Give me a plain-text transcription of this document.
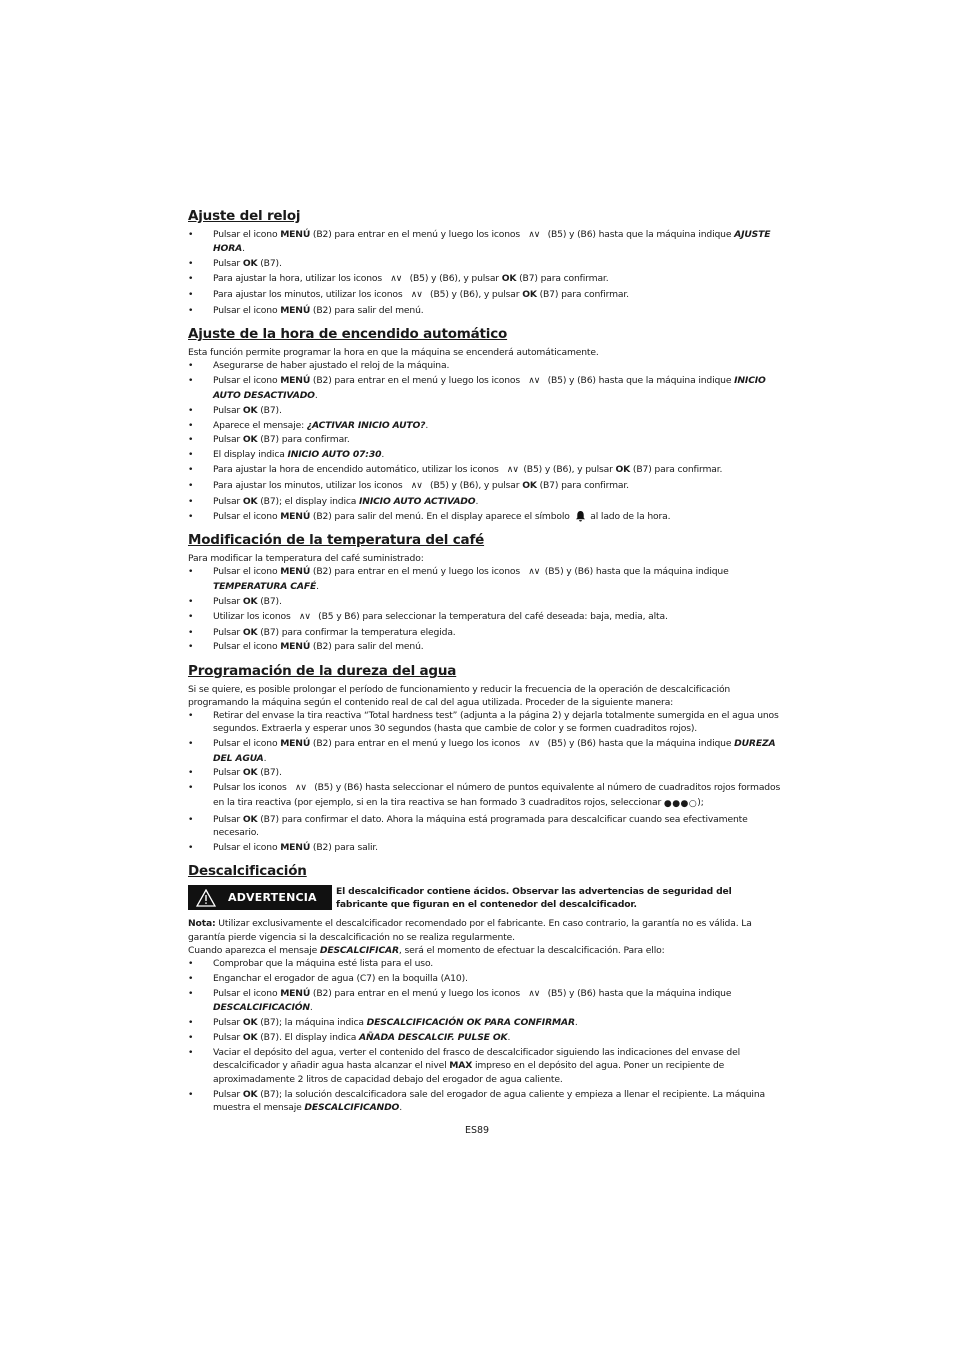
Ajuste del reloj
• Pulsar el icono MENÚ (B2) para entrar en el menú y luego los iconos ∧∨ (B5) y (B6) hasta que la máquina indique AJUSTE HORA.
• Pulsar OK (B7).
• Para ajustar la hora, utilizar los iconos ∧∨ (B5) y (B6), y pulsar OK (B7) para confirmar.
• Para ajustar los minutos, utilizar los iconos ∧∨ (B5) y (B6), y pulsar OK (B7) para confirmar.
• Pulsar el icono MENÚ (B2) para salir del menú.
Ajuste de la hora de encendido automático

Esta función permite programar la hora en que la máquina se encenderá automáticamente.

• Asegurarse de haber ajustado el reloj de la máquina.
• Pulsar el icono MENÚ (B2) para entrar en el menú y luego los iconos ∧∨ (B5) y (B6) hasta que la máquina indique INICIO AUTO DESACTIVADO.
• Pulsar OK (B7).
• Aparece el mensaje: ¿ACTIVAR INICIO AUTO?.
• Pulsar OK (B7) para confirmar.
• El display indica INICIO AUTO 07:30.
• Para ajustar la hora de encendido automático, utilizar los iconos ∧∨ (B5) y (B6), y pulsar OK (B7) para confirmar.
• Para ajustar los minutos, utilizar los iconos ∧∨ (B5) y (B6), y pulsar OK (B7) para confirmar.
• Pulsar OK (B7); el display indica INICIO AUTO ACTIVADO.
• Pulsar el icono MENÚ (B2) para salir del menú. En el display aparece el símbolo  al lado de la hora.
Modificación de la temperatura del café

Para modificar la temperatura del café suministrado:

• Pulsar el icono MENÚ (B2) para entrar en el menú y luego los iconos ∧∨ (B5) y (B6) hasta que la máquina indique TEMPERATURA CAFÉ.
• Pulsar OK (B7).
• Utilizar los iconos ∧∨ (B5 y B6) para seleccionar la temperatura del café deseada: baja, media, alta.
• Pulsar OK (B7) para confirmar la temperatura elegida.
• Pulsar el icono MENÚ (B2) para salir del menú.
Programación de la dureza del agua

Si se quiere, es posible prolongar el período de funcionamiento y reducir la frecuencia de la operación de descalcificación programando la máquina según el contenido real de cal del agua utilizada. Proceder de la siguiente manera:

• Retirar del envase la tira reactiva “Total hardness test” (adjunta a la página 2) y dejarla totalmente sumergida en el agua unos segundos. Extraerla y esperar unos 30 segundos (hasta que cambie de color y se formen cuadraditos rojos).
• Pulsar el icono MENÚ (B2) para entrar en el menú y luego los iconos ∧∨ (B5) y (B6) hasta que la máquina indique DUREZA DEL AGUA.
• Pulsar OK (B7).
• Pulsar los iconos ∧∨ (B5) y (B6) hasta seleccionar el número de puntos equivalente al número de cuadraditos rojos formados en la tira reactiva (por ejemplo, si en la tira reactiva se han formado 3 cuadraditos rojos, seleccionar ●●●○);
• Pulsar OK (B7) para confirmar el dato. Ahora la máquina está programada para descalcificar cuando sea efectivamente necesario.
• Pulsar el icono MENÚ (B2) para salir.
Descalcificación
ADVERTENCIA El descalcificador contiene ácidos. Observar las advertencias de seguridad del fabricante que figuran en el contenedor del descalcificador.

Nota: Utilizar exclusivamente el descalcificador recomendado por el fabricante. En caso contrario, la garantía no es válida. La garantía pierde vigencia si la descalcificación no se realiza regularmente.

Cuando aparezca el mensaje DESCALCIFICAR, será el momento de efectuar la descalcificación. Para ello:

• Comprobar que la máquina esté lista para el uso.
• Enganchar el erogador de agua (C7) en la boquilla (A10).
• Pulsar el icono MENÚ (B2) para entrar en el menú y luego los iconos ∧∨ (B5) y (B6) hasta que la máquina indique DESCALCIFICACIÓN.
• Pulsar OK (B7); la máquina indica DESCALCIFICACIÓN OK PARA CONFIRMAR.
• Pulsar OK (B7). El display indica AÑADA DESCALCIF. PULSE OK.
• Vaciar el depósito del agua, verter el contenido del frasco de descalcificador siguiendo las indicaciones del envase del descalcificador y añadir agua hasta alcanzar el nivel MAX impreso en el depósito del agua. Poner un recipiente de aproximadamente 2 litros de capacidad debajo del erogador de agua caliente.
• Pulsar OK (B7); la solución descalcificadora sale del erogador de agua caliente y empieza a llenar el recipiente. La máquina muestra el mensaje DESCALCIFICANDO.
ES89
